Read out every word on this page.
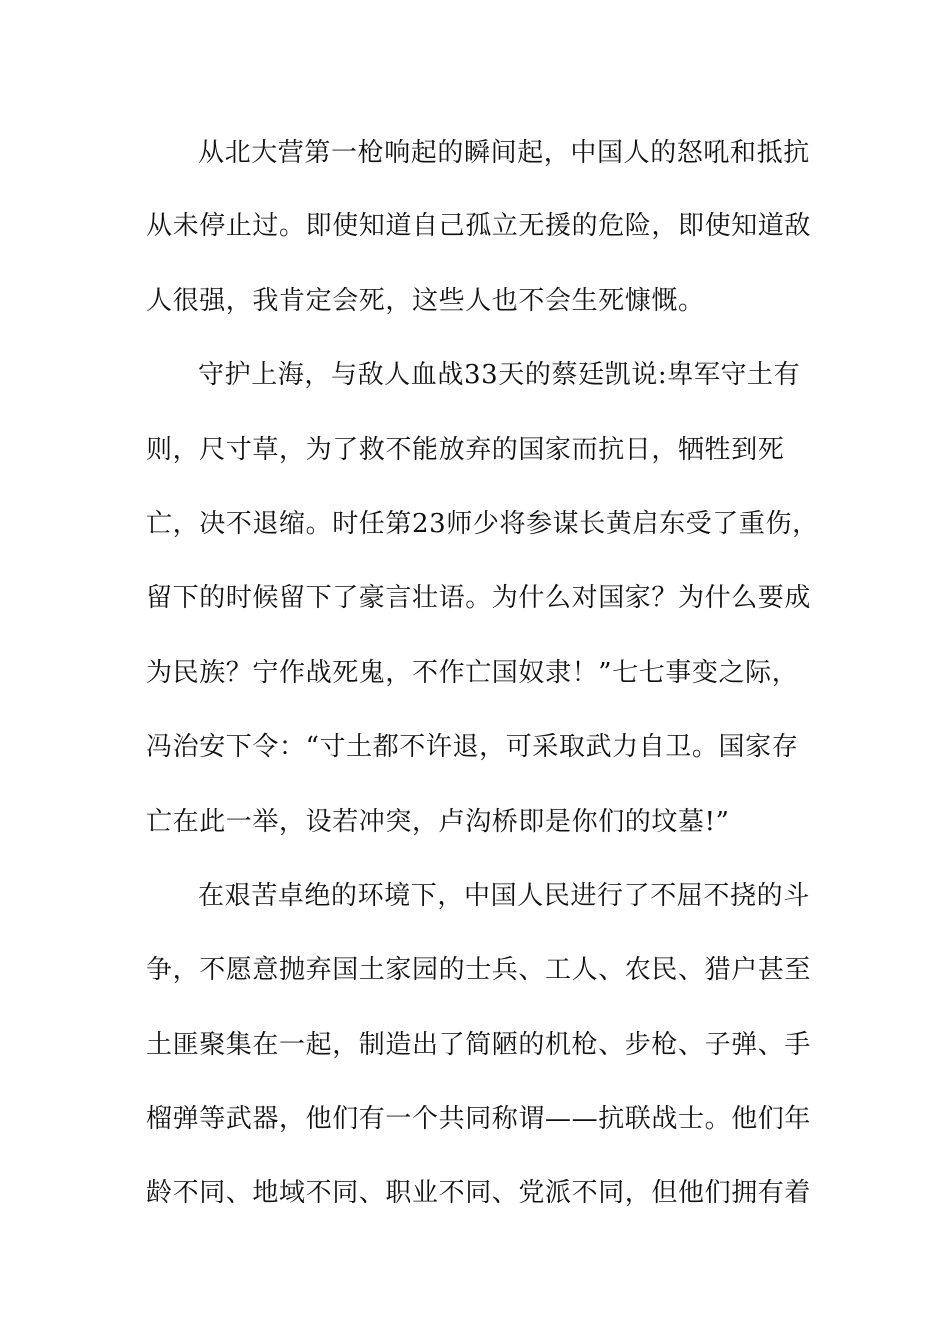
从北大营第一枪响起的瞬间起，中国人的怒吼和抵抗
从未停止过。即使知道自己孤立无援的危险，即使知道敌
人很强，我肯定会死，这些人也不会生死慷慨。
守护上海，与敌人血战33天的蔡廷凯说:卑军守土有
则，尺寸草，为了救不能放弃的国家而抗日，牺牲到死
亡，决不退缩。时任第23师少将参谋长黄启东受了重伤，
留下的时候留下了豪言壮语。为什么对国家？为什么要成
为民族？宁作战死鬼，不作亡国奴隶！”七七事变之际，
冯治安下令：“寸土都不许退，可采取武力自卫。国家存
亡在此一举，设若冲突，卢沟桥即是你们的坟墓!”
在艰苦卓绝的环境下，中国人民进行了不屈不挠的斗
争，不愿意抛弃国土家园的士兵、工人、农民、猎户甚至
土匪聚集在一起，制造出了简陋的机枪、步枪、子弹、手
榴弹等武器，他们有一个共同称谓——抗联战士。他们年
龄不同、地域不同、职业不同、党派不同，但他们拥有着
